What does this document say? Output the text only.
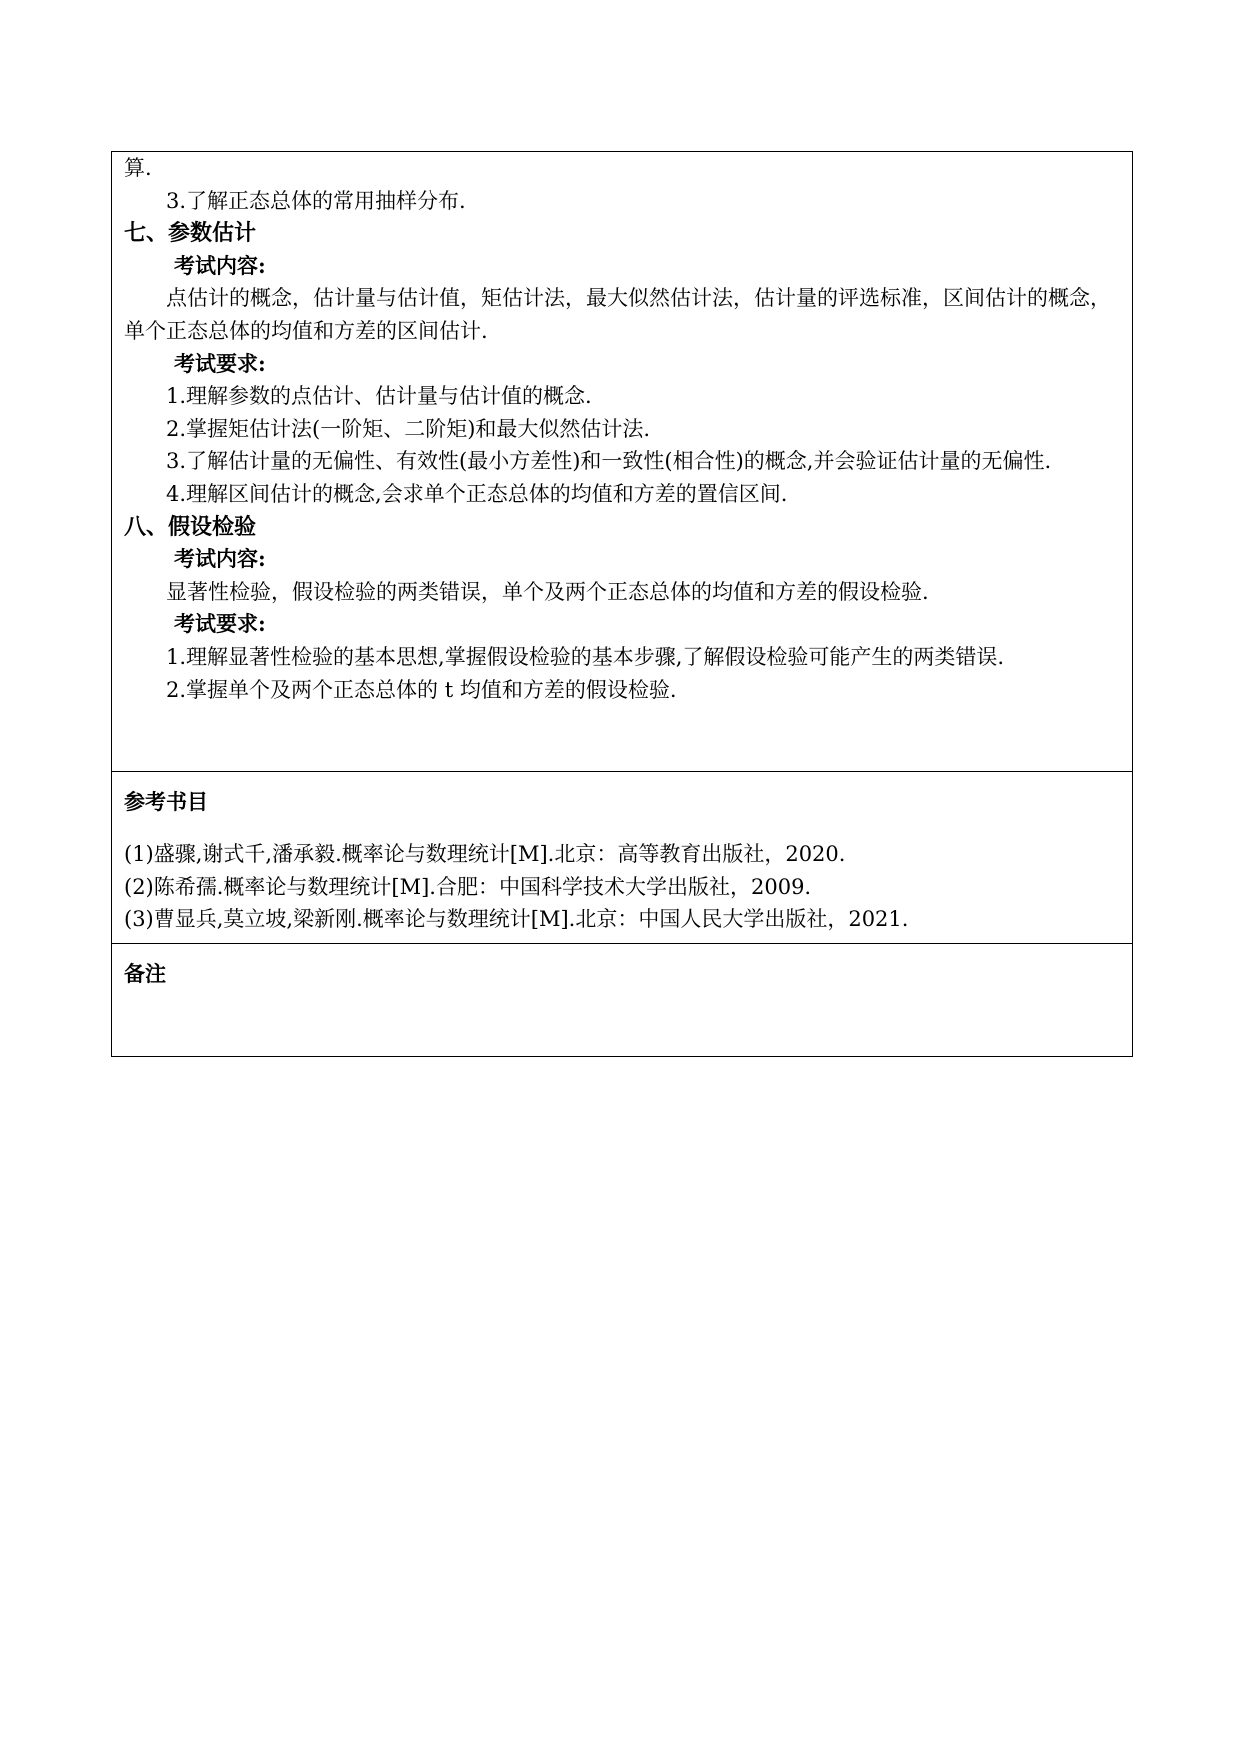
算.
3.了解正态总体的常用抽样分布.
七、参数估计
考试内容:
点估计的概念，估计量与估计值，矩估计法，最大似然估计法，估计量的评选标准，区间估计的概念，单个正态总体的均值和方差的区间估计.
考试要求:
1.理解参数的点估计、估计量与估计值的概念.
2.掌握矩估计法(一阶矩、二阶矩)和最大似然估计法.
3.了解估计量的无偏性、有效性(最小方差性)和一致性(相合性)的概念,并会验证估计量的无偏性.
4.理解区间估计的概念,会求单个正态总体的均值和方差的置信区间.
八、假设检验
考试内容:
显著性检验，假设检验的两类错误，单个及两个正态总体的均值和方差的假设检验.
考试要求:
1.理解显著性检验的基本思想,掌握假设检验的基本步骤,了解假设检验可能产生的两类错误.
2.掌握单个及两个正态总体的 t 均值和方差的假设检验.
参考书目
(1)盛骤,谢式千,潘承毅.概率论与数理统计[M].北京：高等教育出版社，2020.
(2)陈希孺.概率论与数理统计[M].合肥：中国科学技术大学出版社，2009.
(3)曹显兵,莫立坡,梁新刚.概率论与数理统计[M].北京：中国人民大学出版社，2021.
备注
